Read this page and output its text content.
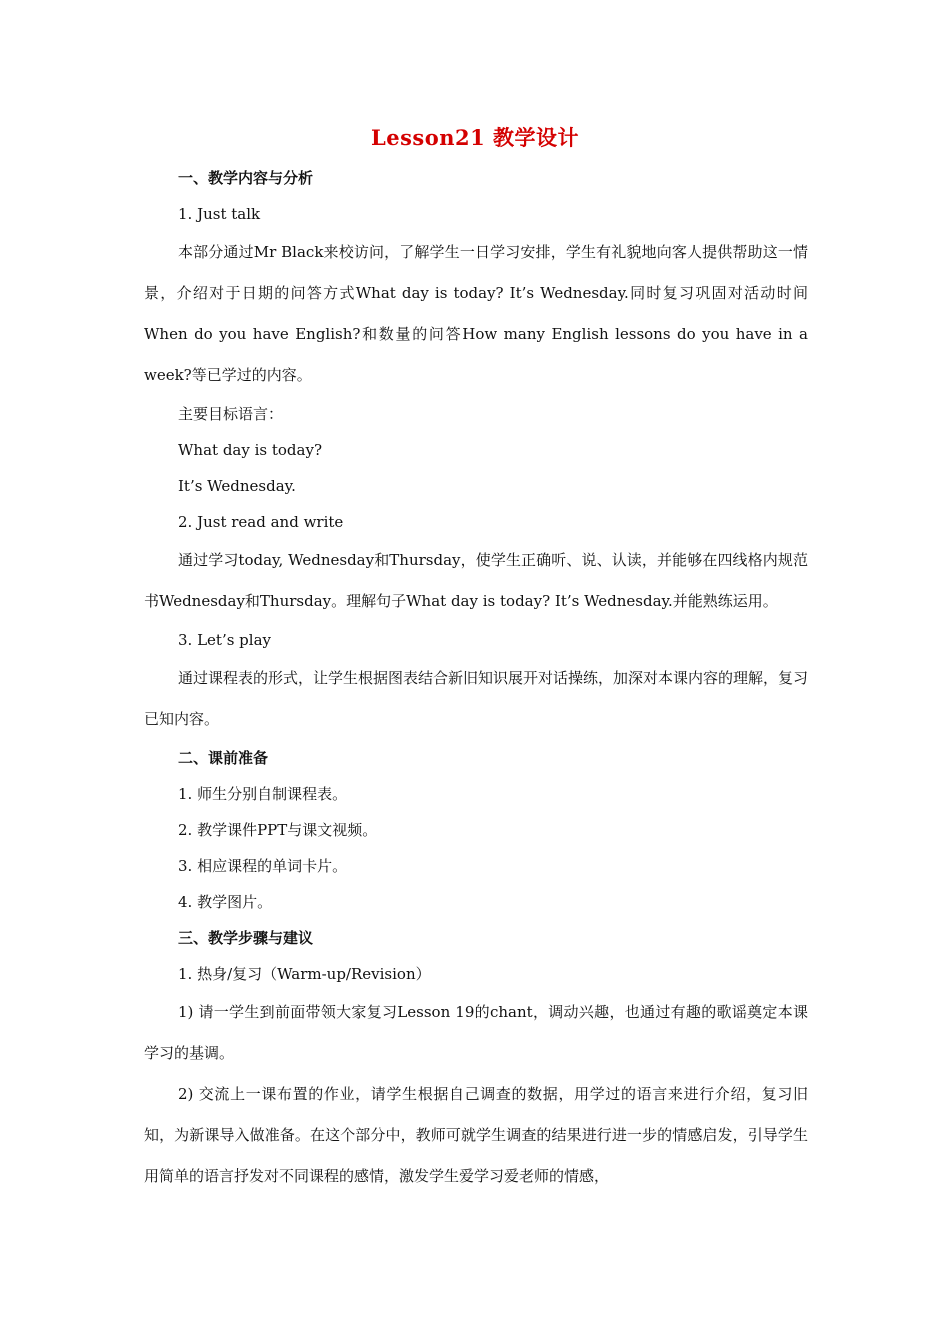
Lesson21 教学设计
一、教学内容与分析
1. Just talk
本部分通过Mr Black来校访问，了解学生一日学习安排，学生有礼貌地向客人提供帮助这一情景，介绍对于日期的问答方式What day is today? It’s Wednesday.同时复习巩固对活动时间When do you have English?和数量的问答How many English lessons do you have in a week?等已学过的内容。
主要目标语言：
What day is today?
It’s Wednesday.
2. Just read and write
通过学习today, Wednesday和Thursday，使学生正确听、说、认读，并能够在四线格内规范书Wednesday和Thursday。理解句子What day is today? It’s Wednesday.并能熟练运用。
3. Let’s play
通过课程表的形式，让学生根据图表结合新旧知识展开对话操练，加深对本课内容的理解，复习已知内容。
二、课前准备
1. 师生分别自制课程表。
2. 教学课件PPT与课文视频。
3. 相应课程的单词卡片。
4. 教学图片。
三、教学步骤与建议
1. 热身/复习（Warm-up/Revision）
1) 请一学生到前面带领大家复习Lesson 19的chant，调动兴趣，也通过有趣的歌谣奠定本课学习的基调。
2) 交流上一课布置的作业，请学生根据自己调查的数据，用学过的语言来进行介绍，复习旧知，为新课导入做准备。在这个部分中，教师可就学生调查的结果进行进一步的情感启发，引导学生用简单的语言抒发对不同课程的感情，激发学生爱学习爱老师的情感，
